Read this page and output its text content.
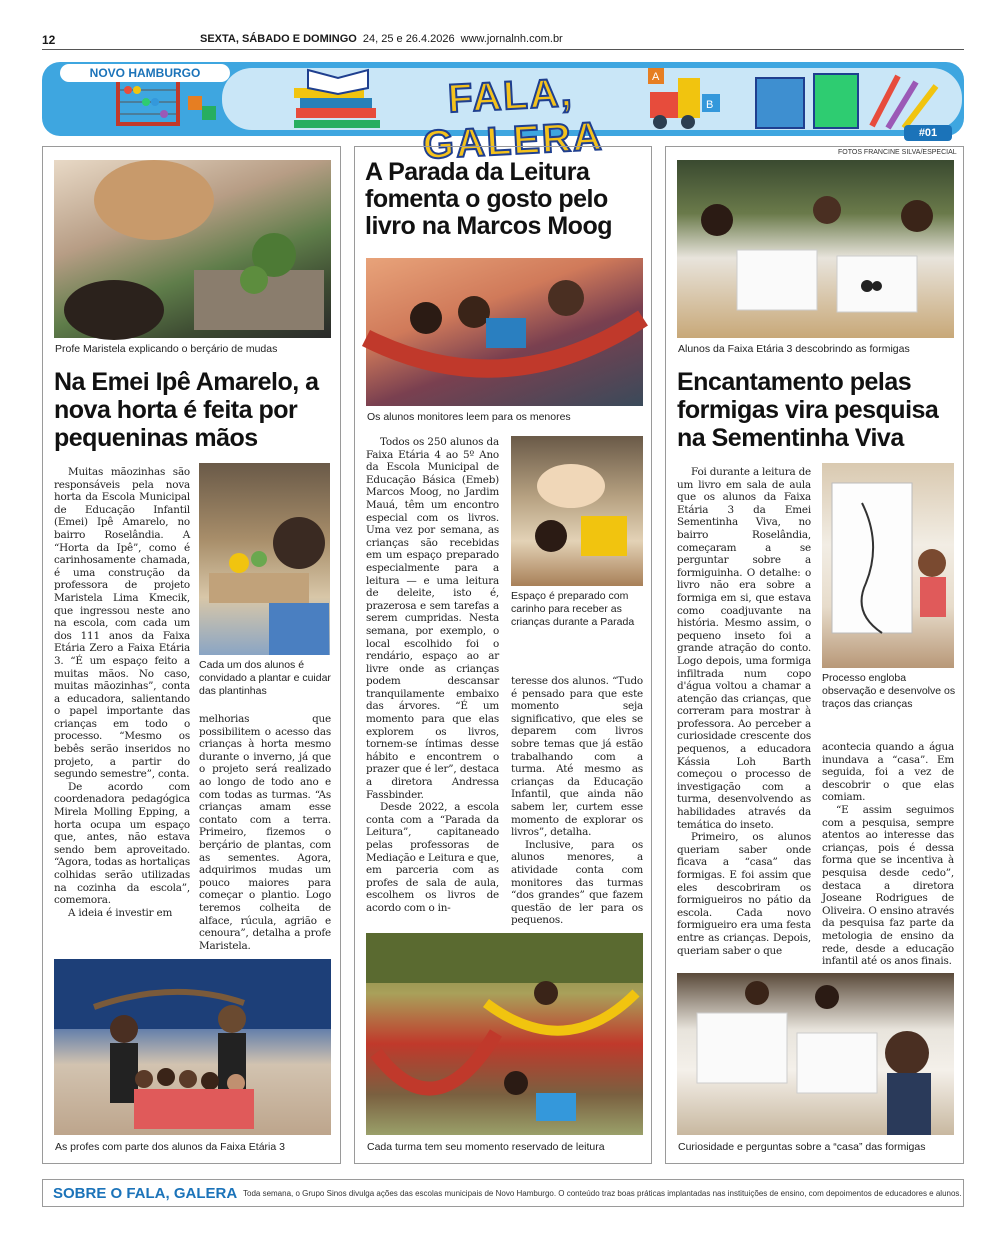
12	SEXTA, SÁBADO E DOMINGO 24, 25 e 26.4.2026 www.jornalnh.com.br
A
B
NOVO HAMBURGO	FALA, GALERA	#01
FOTOS FRANCINE SILVA/ESPECIAL
Profe Maristela explicando o berçário de mudas
Na Emei Ipê Amarelo, a nova horta é feita por pequeninas mãos

Muitas mãozinhas são responsáveis pela nova horta da Escola Municipal de Educação Infantil (Emei) Ipê Amarelo, no bairro Roselândia. A “Horta da Ipê”, como é carinhosamente chamada, é uma construção da professora de projeto Maristela Lima Kmecik, que ingressou neste ano na escola, com cada um dos 111 anos da Faixa Etária Zero a Faixa Etária 3. “É um espaço feito a muitas mãos. No caso, muitas mãozinhas”, conta a educadora, salientando o papel importante das crianças em todo o processo. “Mesmo os bebês serão inseridos no projeto, a partir do segundo semestre”, conta.

De acordo com coordenadora pedagógica Mirela Molling Epping, a horta ocupa um espaço que, antes, não estava sendo bem aproveitado. “Agora, todas as hortaliças colhidas serão utilizadas na cozinha da escola”, comemora.

A ideia é investir em

Cada um dos alunos é convidado a plantar e cuidar das plantinhas

melhorias que possibilitem o acesso das crianças à horta mesmo durante o inverno, já que o projeto será realizado ao longo de todo ano e com todas as turmas. “As crianças amam esse contato com a terra. Primeiro, fizemos o berçário de plantas, com as sementes. Agora, adquirimos mudas um pouco maiores para começar o plantio. Logo teremos colheita de alface, rúcula, agrião e cenoura”, detalha a profe Maristela.

As profes com parte dos alunos da Faixa Etária 3
A Parada da Leitura fomenta o gosto pelo livro na Marcos Moog
Os alunos monitores leem para os menores

Todos os 250 alunos da Faixa Etária 4 ao 5º Ano da Escola Municipal de Educação Básica (Emeb) Marcos Moog, no Jardim Mauá, têm um encontro especial com os livros. Uma vez por semana, as crianças são recebidas em um espaço preparado especialmente para a leitura — e uma leitura de deleite, isto é, prazerosa e sem tarefas a serem cumpridas. Nesta semana, por exemplo, o local escolhido foi o rendário, espaço ao ar livre onde as crianças podem descansar tranquilamente embaixo das árvores. “É um momento para que elas explorem os livros, tornem-se íntimas desse hábito e encontrem o prazer que é ler”, destaca a diretora Andressa Fassbinder.

Desde 2022, a escola conta com a “Parada da Leitura”, capitaneado pelas professoras de Mediação e Leitura e que, em parceria com as profes de sala de aula, escolhem os livros de acordo com o in-

Espaço é preparado com carinho para receber as crianças durante a Parada

teresse dos alunos. “Tudo é pensado para que este momento seja significativo, que eles se deparem com livros sobre temas que já estão trabalhando com a turma. Até mesmo as crianças da Educação Infantil, que ainda não sabem ler, curtem esse momento de explorar os livros”, detalha.

Inclusive, para os alunos menores, a atividade conta com monitores das turmas “dos grandes” que fazem questão de ler para os pequenos.

Cada turma tem seu momento reservado de leitura
Alunos da Faixa Etária 3 descobrindo as formigas
Encantamento pelas formigas vira pesquisa na Sementinha Viva

Foi durante a leitura de um livro em sala de aula que os alunos da Faixa Etária 3 da Emei Sementinha Viva, no bairro Roselândia, começaram a se perguntar sobre a formiguinha. O detalhe: o livro não era sobre a formiga em si, que estava como coadjuvante na história. Mesmo assim, o pequeno inseto foi a grande atração do conto. Logo depois, uma formiga infiltrada num copo d'água voltou a chamar a atenção das crianças, que correram para mostrar à professora. Ao perceber a curiosidade crescente dos pequenos, a educadora Kássia Loh Barth começou o processo de investigação com a turma, desenvolvendo as habilidades através da temática do inseto.

Primeiro, os alunos queriam saber onde ficava a “casa” das formigas. E foi assim que eles descobriram os formigueiros no pátio da escola. Cada novo formigueiro era uma festa entre as crianças. Depois, queriam saber o que

Processo engloba observação e desenvolve os traços das crianças

acontecia quando a água inundava a “casa”. Em seguida, foi a vez de descobrir o que elas comiam.

“E assim seguimos com a pesquisa, sempre atentos ao interesse das crianças, pois é dessa forma que se incentiva à pesquisa desde cedo”, destaca a diretora Joseane Rodrigues de Oliveira. O ensino através da pesquisa faz parte da metologia de ensino da rede, desde a educação infantil até os anos finais.

Curiosidade e perguntas sobre a “casa” das formigas
SOBRE O FALA, GALERA Toda semana, o Grupo Sinos divulga ações das escolas municipais de Novo Hamburgo. O conteúdo traz boas práticas implantadas nas instituições de ensino, com depoimentos de educadores e alunos.
